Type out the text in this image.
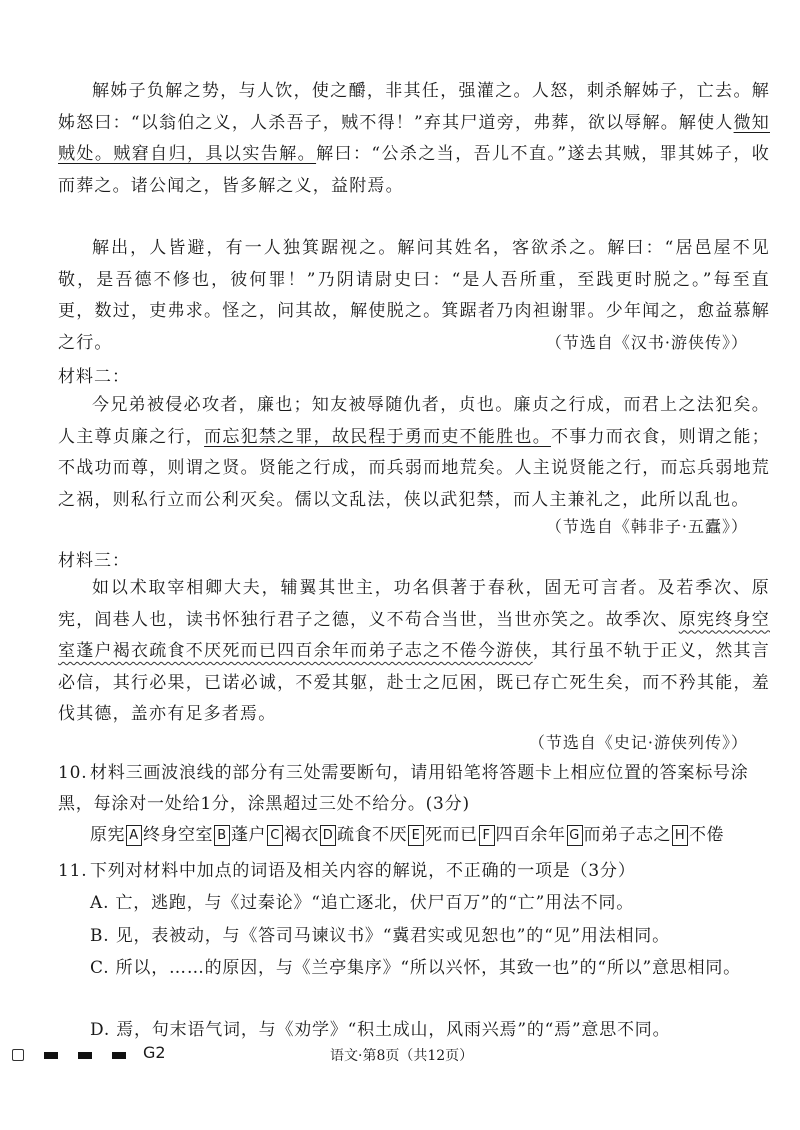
解姊子负解之势，与人饮，使之釂，非其任，强灌之。人怒，刺杀解姊子，亡去。解姊怒曰：“以翁伯之义，人杀吾子，贼不得！”弃其尸道旁，弗葬，欲以辱解。解使人微知贼处。贼窘自归，具以实告解。解曰：“公杀之当，吾儿不直。”遂去其贼，罪其姊子，收而葬之。诸公闻之，皆多解之义，益附焉。

解出，人皆避，有一人独箕踞视之。解问其姓名，客欲杀之。解曰：“居邑屋不见敬，是吾德不修也，彼何罪！”乃阴请尉史曰：“是人吾所重，至践更时脱之。”每至直更，数过，吏弗求。怪之，问其故，解使脱之。箕踞者乃肉袒谢罪。少年闻之，愈益慕解之行。	（节选自《汉书·游侠传》）
材料二：

今兄弟被侵必攻者，廉也；知友被辱随仇者，贞也。廉贞之行成，而君上之法犯矣。人主尊贞廉之行，而忘犯禁之罪，故民程于勇而吏不能胜也。不事力而衣食，则谓之能；不战功而尊，则谓之贤。贤能之行成，而兵弱而地荒矣。人主说贤能之行，而忘兵弱地荒之祸，则私行立而公利灭矣。儒以文乱法，侠以武犯禁，而人主兼礼之，此所以乱也。

（节选自《韩非子·五蠹》）
材料三：

如以术取宰相卿大夫，辅翼其世主，功名俱著于春秋，固无可言者。及若季次、原宪，闾巷人也，读书怀独行君子之德，义不苟合当世，当世亦笑之。故季次、原宪终身空室蓬户褐衣疏食不厌死而已四百余年而弟子志之不倦今游侠，其行虽不轨于正义，然其言必信，其行必果，已诺必诚，不爱其躯，赴士之厄困，既已存亡死生矣，而不矜其能，羞伐其德，盖亦有足多者焉。

（节选自《史记·游侠列传》）
10. 材料三画波浪线的部分有三处需要断句，请用铅笔将答题卡上相应位置的答案标号涂黑，每涂对一处给1分，涂黑超过三处不给分。(3分)
原宪 A 终身空室 B 蓬户 C 褐衣 D 疏食不厌 E 死而已 F 四百余年 G 而弟子志之 H 不倦
11. 下列对材料中加点的词语及相关内容的解说，不正确的一项是（3分）
A. 亡，逃跑，与《过秦论》“追亡逐北，伏尸百万”的“亡”用法不同。
B. 见，表被动，与《答司马谏议书》“冀君实或见恕也”的“见”用法相同。
C. 所以，……的原因，与《兰亭集序》“所以兴怀，其致一也”的“所以”意思相同。
D. 焉，句末语气词，与《劝学》“积土成山，风雨兴焉”的“焉”意思不同。
G2	语文·第8页（共12页）
